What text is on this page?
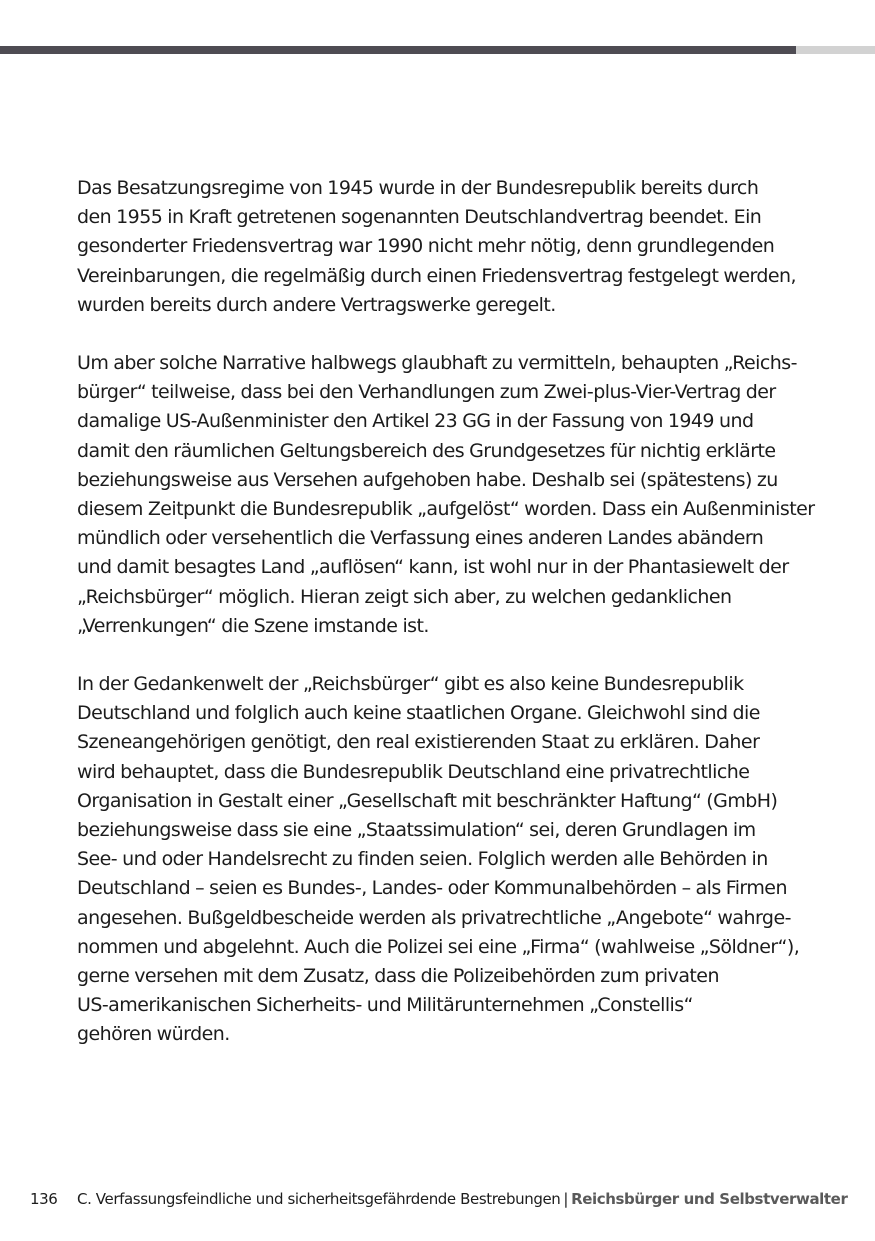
Das Besatzungsregime von 1945 wurde in der Bundesrepublik bereits durch
den 1955 in Kraft getretenen sogenannten Deutschlandvertrag beendet. Ein
gesonderter Friedensvertrag war 1990 nicht mehr nötig, denn grundlegenden
Vereinbarungen, die regelmäßig durch einen Friedensvertrag festgelegt werden,
wurden bereits durch andere Vertragswerke geregelt.

Um aber solche Narrative halbwegs glaubhaft zu vermitteln, behaupten „Reichs-
bürger“ teilweise, dass bei den Verhandlungen zum Zwei-plus-Vier-Vertrag der
damalige US-Außenminister den Artikel 23 GG in der Fassung von 1949 und
damit den räumlichen Geltungsbereich des Grundgesetzes für nichtig erklärte
beziehungsweise aus Versehen aufgehoben habe. Deshalb sei (spätestens) zu
diesem Zeitpunkt die Bundesrepublik „aufgelöst“ worden. Dass ein Außenminister
mündlich oder versehentlich die Verfassung eines anderen Landes abändern
und damit besagtes Land „auflösen“ kann, ist wohl nur in der Phantasiewelt der
„Reichsbürger“ möglich. Hieran zeigt sich aber, zu welchen gedanklichen
„Verrenkungen“ die Szene imstande ist.

In der Gedankenwelt der „Reichsbürger“ gibt es also keine Bundesrepublik
Deutschland und folglich auch keine staatlichen Organe. Gleichwohl sind die
Szeneangehörigen genötigt, den real existierenden Staat zu erklären. Daher
wird behauptet, dass die Bundesrepublik Deutschland eine privatrechtliche
Organisation in Gestalt einer „Gesellschaft mit beschränkter Haftung“ (GmbH)
beziehungsweise dass sie eine „Staatssimulation“ sei, deren Grundlagen im
See- und oder Handelsrecht zu finden seien. Folglich werden alle Behörden in
Deutschland – seien es Bundes-, Landes- oder Kommunalbehörden – als Firmen
angesehen. Bußgeldbescheide werden als privatrechtliche „Angebote“ wahrge-
nommen und abgelehnt. Auch die Polizei sei eine „Firma“ (wahlweise „Söldner“),
gerne versehen mit dem Zusatz, dass die Polizeibehörden zum privaten
US-amerikanischen Sicherheits- und Militärunternehmen „Constellis“
gehören würden.

136 C. Verfassungsfeindliche und sicherheitsgefährdende Bestrebungen | Reichsbürger und Selbstverwalter
